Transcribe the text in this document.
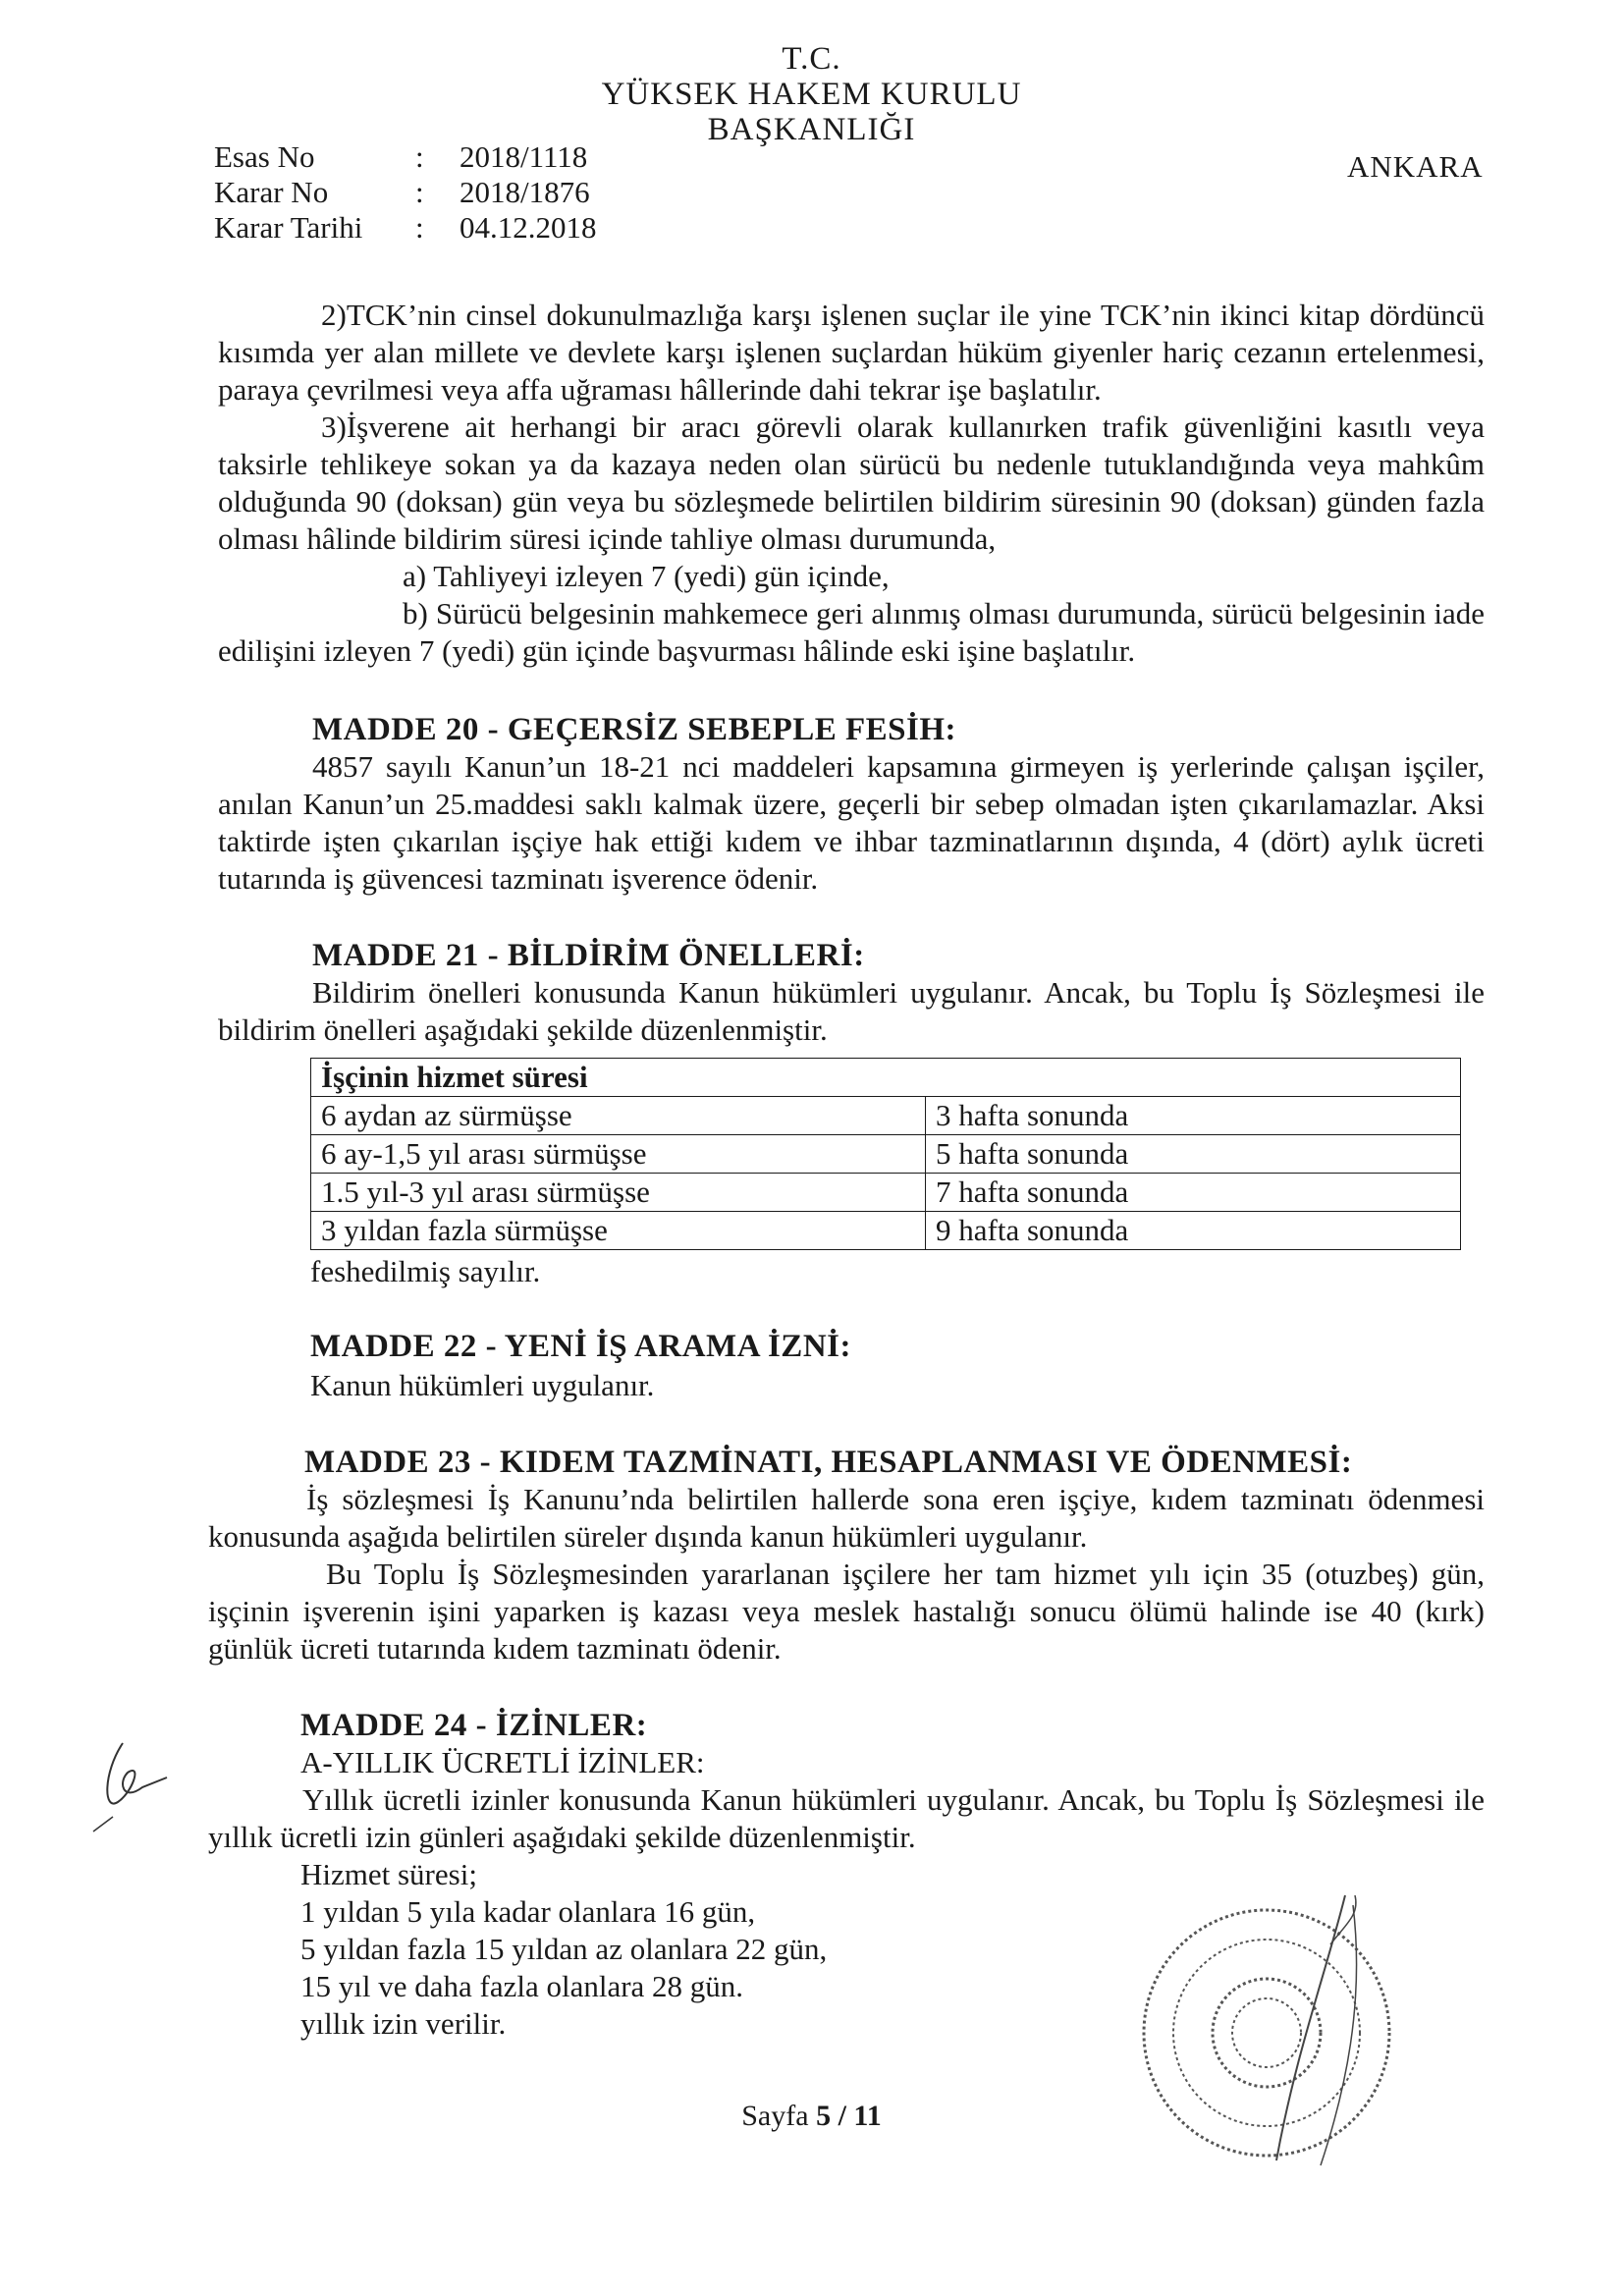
T.C.
YÜKSEK HAKEM KURULU
BAŞKANLIĞI
ANKARA
Esas No	: 2018/1118
Karar No	: 2018/1876
Karar Tarihi : 04.12.2018
2)TCK’nin cinsel dokunulmazlığa karşı işlenen suçlar ile yine TCK’nin ikinci kitap dördüncü kısımda yer alan millete ve devlete karşı işlenen suçlardan hüküm giyenler hariç cezanın ertelenmesi, paraya çevrilmesi veya affa uğraması hâllerinde dahi tekrar işe başlatılır.
3)İşverene ait herhangi bir aracı görevli olarak kullanırken trafik güvenliğini kasıtlı veya taksirle tehlikeye sokan ya da kazaya neden olan sürücü bu nedenle tutuklandığında veya mahkûm olduğunda 90 (doksan) gün veya bu sözleşmede belirtilen bildirim süresinin 90 (doksan) günden fazla olması hâlinde bildirim süresi içinde tahliye olması durumunda,
a) Tahliyeyi izleyen 7 (yedi) gün içinde,
b) Sürücü belgesinin mahkemece geri alınmış olması durumunda, sürücü belgesinin iade edilişini izleyen 7 (yedi) gün içinde başvurması hâlinde eski işine başlatılır.
MADDE 20 - GEÇERSİZ SEBEPLE FESİH:
4857 sayılı Kanun’un 18-21 nci maddeleri kapsamına girmeyen iş yerlerinde çalışan işçiler, anılan Kanun’un 25.maddesi saklı kalmak üzere, geçerli bir sebep olmadan işten çıkarılamazlar. Aksi taktirde işten çıkarılan işçiye hak ettiği kıdem ve ihbar tazminatlarının dışında, 4 (dört) aylık ücreti tutarında iş güvencesi tazminatı işverence ödenir.
MADDE 21 - BİLDİRİM ÖNELLERİ:
Bildirim önelleri konusunda Kanun hükümleri uygulanır. Ancak, bu Toplu İş Sözleşmesi ile bildirim önelleri aşağıdaki şekilde düzenlenmiştir.
İşçinin hizmet süresi	
6 aydan az sürmüşse	3 hafta sonunda
6 ay-1,5 yıl arası sürmüşse	5 hafta sonunda
1.5 yıl-3 yıl arası sürmüşse	7 hafta sonunda
3 yıldan fazla sürmüşse	9 hafta sonunda
feshedilmiş sayılır.
MADDE 22 - YENİ İŞ ARAMA İZNİ:
Kanun hükümleri uygulanır.
MADDE 23 - KIDEM TAZMİNATI, HESAPLANMASI VE ÖDENMESİ:
İş sözleşmesi İş Kanunu’nda belirtilen hallerde sona eren işçiye, kıdem tazminatı ödenmesi konusunda aşağıda belirtilen süreler dışında kanun hükümleri uygulanır.
Bu Toplu İş Sözleşmesinden yararlanan işçilere her tam hizmet yılı için 35 (otuzbeş) gün, işçinin işverenin işini yaparken iş kazası veya meslek hastalığı sonucu ölümü halinde ise 40 (kırk) günlük ücreti tutarında kıdem tazminatı ödenir.
MADDE 24 - İZİNLER:
A-YILLIK ÜCRETLİ İZİNLER:
Yıllık ücretli izinler konusunda Kanun hükümleri uygulanır. Ancak, bu Toplu İş Sözleşmesi ile yıllık ücretli izin günleri aşağıdaki şekilde düzenlenmiştir.
Hizmet süresi;
1 yıldan 5 yıla kadar olanlara 16 gün,
5 yıldan fazla 15 yıldan az olanlara 22 gün,
15 yıl ve daha fazla olanlara 28 gün.
yıllık izin verilir.
Sayfa 5 / 11
